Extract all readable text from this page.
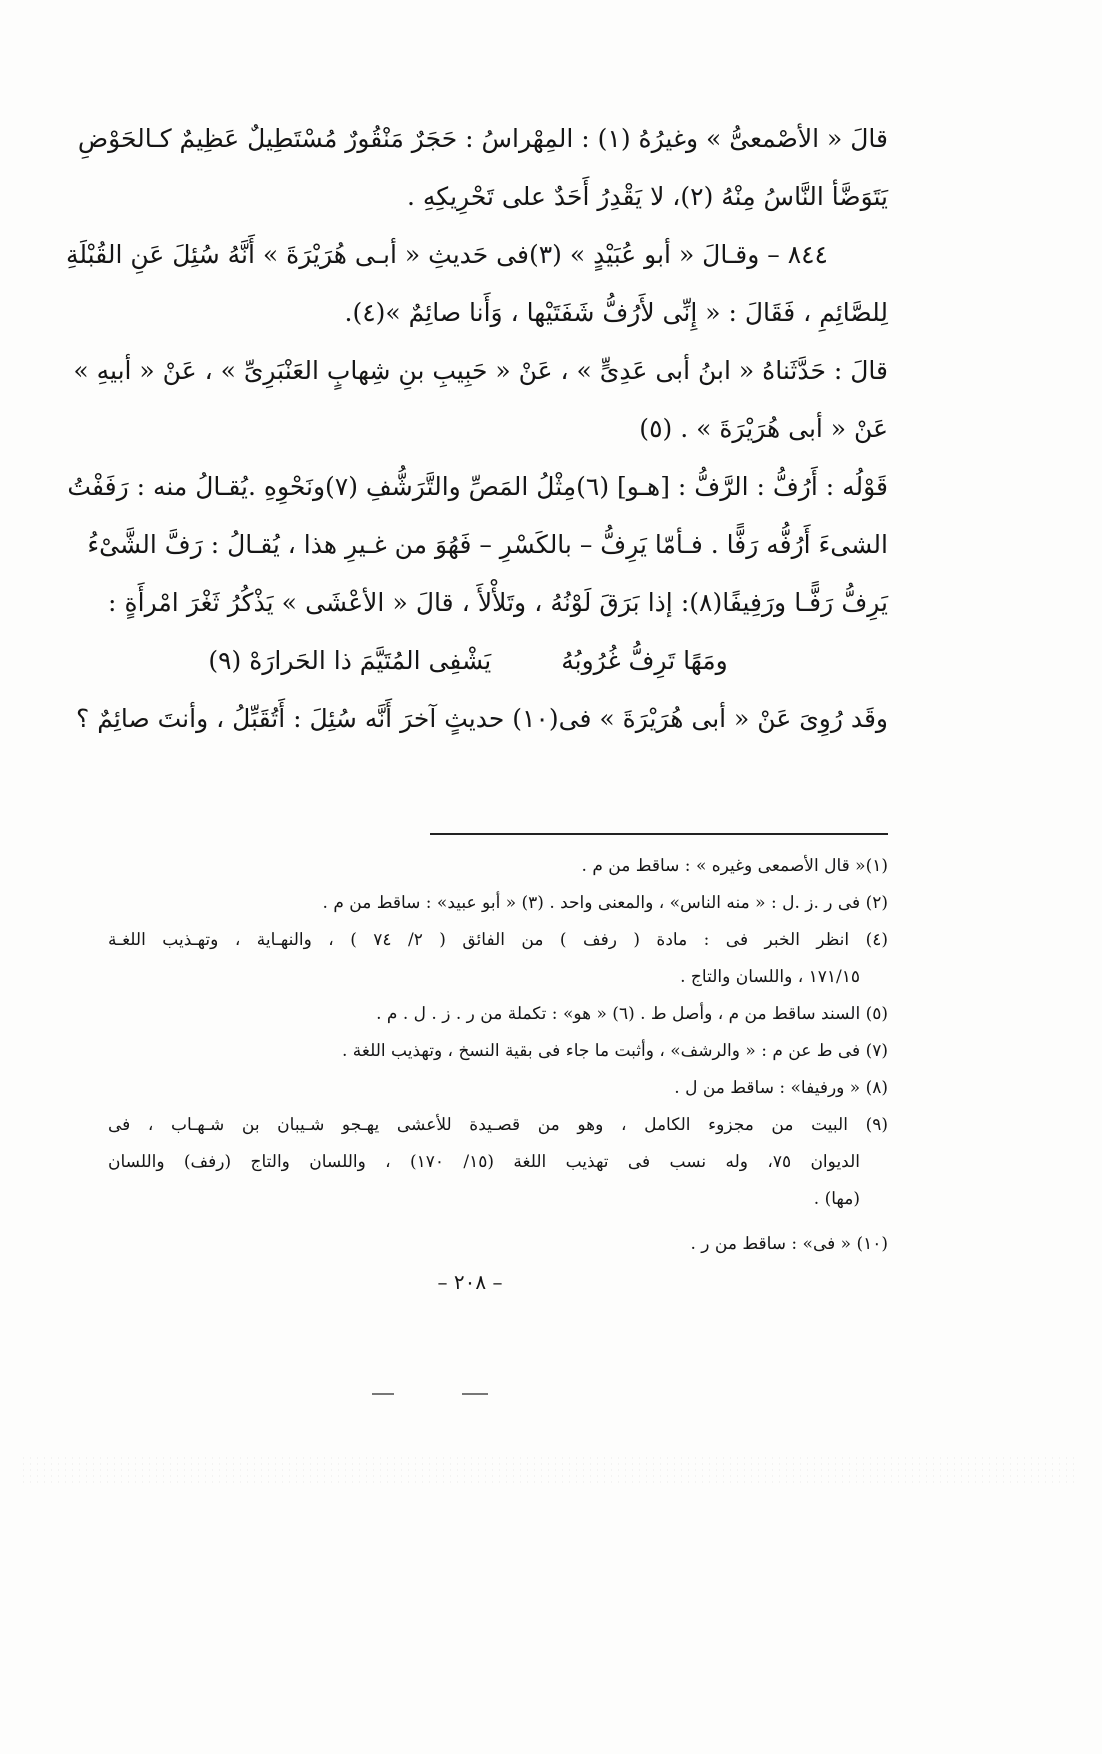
قالَ « الأصْمعىُّ » وغيرُهُ (١) : المِهْراسُ : حَجَرٌ مَنْقُورٌ مُسْتَطِيلٌ عَظِيمٌ كـالحَوْضِ
يَتَوَضَّأ النَّاسُ مِنْهُ (٢)، لا يَقْدِرُ أَحَدٌ على تَحْرِيكِهِ .
٨٤٤ – وقـالَ « أبو عُبَيْدٍ » (٣)فى حَديثِ « أبـى هُرَيْرَةَ » أَنَّهُ سُئِلَ عَنِ القُبْلَةِ
لِلصَّائِمِ ، فَقَالَ : « إِنِّى لأَرُفُّ شَفَتَيْها ، وَأَنا صائِمٌ »(٤).
قالَ : حَدَّثَناهُ « ابنُ أبى عَدِىٍّ » ، عَنْ « حَبِيبِ بنِ شِهابٍ العَنْبَرِىِّ » ، عَنْ « أبيهِ »
عَنْ « أبى هُرَيْرَةَ » . (٥)
قَوْلُه : أَرُفُّ : الرَّفُّ : [هـو] (٦)مِثْلُ المَصِّ والتَّرَشُّفِ (٧)ونَحْوِهِ .يُقـالُ منه : رَفَفْتُ
الشىءَ أَرُفُّه رَفًّا . فـأمّا يَرِفُّ – بالكَسْرِ – فَهُوَ من غـيرِ هذا ، يُقـالُ : رَفَّ الشَّىْءُ
يَرِفُّ رَفًّـا ورَفِيفًا(٨): إذا بَرَقَ لَوْنُهُ ، وتَلأْلأَ ، قالَ « الأعْشَى » يَذْكُرُ ثَغْرَ امْرأَةٍ :
ومَهًا تَرِفُّ غُرُوبُهُ
يَشْفِى المُتَيَّمَ ذا الحَرارَهْ (٩)
وقَد رُوِىَ عَنْ « أبى هُرَيْرَةَ » فى(١٠) حديثٍ آخرَ أَنَّه سُئِلَ : أَتُقَبِّلُ ، وأنتَ صائِمٌ ؟
(١)« قال الأصمعى وغيره » : ساقط من م .
(٢) فى ر .ز .ل : « منه الناس» ، والمعنى واحد . (٣) « أبو عبيد» : ساقط من م .
(٤) انظر الخبر فى : مادة ( رفف ) من الفائق ( ٢/ ٧٤ ) ، والنهـاية ، وتهـذيب اللغـة
١٧١/١٥ ، واللسان والتاج .
(٥) السند ساقط من م ، وأصل ط . (٦) « هو» : تكملة من ر . ز . ل . م .
(٧) فى ط عن م : « والرشف» ، وأثبت ما جاء فى بقية النسخ ، وتهذيب اللغة .
(٨) « ورفيفا» : ساقط من ل .
(٩) البيت من مجزوء الكامل ، وهو من قصـيدة للأعشى يهـجو شـيبان بن شـهـاب ، فى
الديوان ٧٥، وله نسب فى تهذيب اللغة (١٥/ ١٧٠) ، واللسان والتاج (رفف) واللسان
(مها) .
(١٠) « فى» : ساقط من ر .
– ٢٠٨ –
